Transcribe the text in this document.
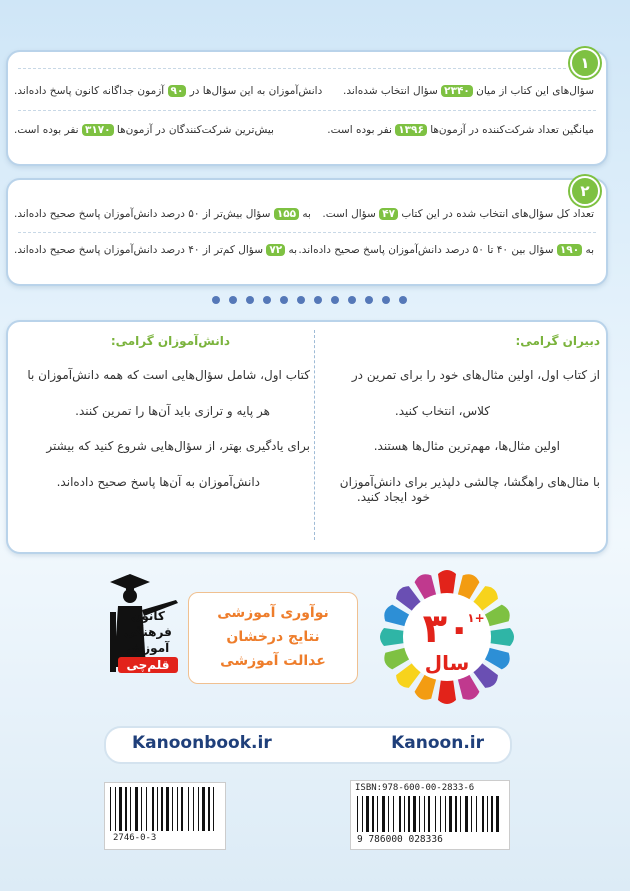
۱
سؤال‌های این کتاب از میان ۲۳۴۰ سؤال انتخاب شده‌اند.
دانش‌آموزان به این سؤال‌ها در ۹۰ آزمون جداگانه کانون پاسخ داده‌اند.
میانگین تعداد شرکت‌کننده در آزمون‌ها ۱۳۹۶ نفر بوده است.
بیش‌ترین شرکت‌کنندگان در آزمون‌ها ۳۱۷۰ نفر بوده است.
۲
تعداد کل سؤال‌های انتخاب شده در این کتاب ۴۷ سؤال است.
به ۱۵۵ سؤال بیش‌تر از ۵۰ درصد دانش‌آموزان پاسخ صحیح داده‌اند.
به ۱۹۰ سؤال بین ۴۰ تا ۵۰ درصد دانش‌آموزان پاسخ صحیح داده‌اند.
به ۷۲ سؤال کم‌تر از ۴۰ درصد دانش‌آموزان پاسخ صحیح داده‌اند.
دبیران گرامی:
از کتاب اول، اولین مثال‌های خود را برای تمرین در
کلاس، انتخاب کنید.
اولین مثال‌ها، مهم‌ترین مثال‌ها هستند.
با مثال‌های راهگشا، چالشی دلپذیر برای دانش‌آموزان
خود ایجاد کنید.
دانش‌آموزان گرامی:
کتاب اول، شامل سؤال‌هایی است که همه دانش‌آموزان با
هر پایه و ترازی باید آن‌ها را تمرین کنند.
برای یادگیری بهتر، از سؤال‌هایی شروع کنید که بیشتر
دانش‌آموزان به آن‌ها پاسخ صحیح داده‌اند.
کانون
فرهنگی
آموزش
قلم‌چی
نوآوری آموزشی
نتایج درخشان
عدالت آموزشی
۳۰
۱+
سال
Kanoonbook.ir	Kanoon.ir
2746-0-3
ISBN:978-600-00-2833-6
9 786000 028336
